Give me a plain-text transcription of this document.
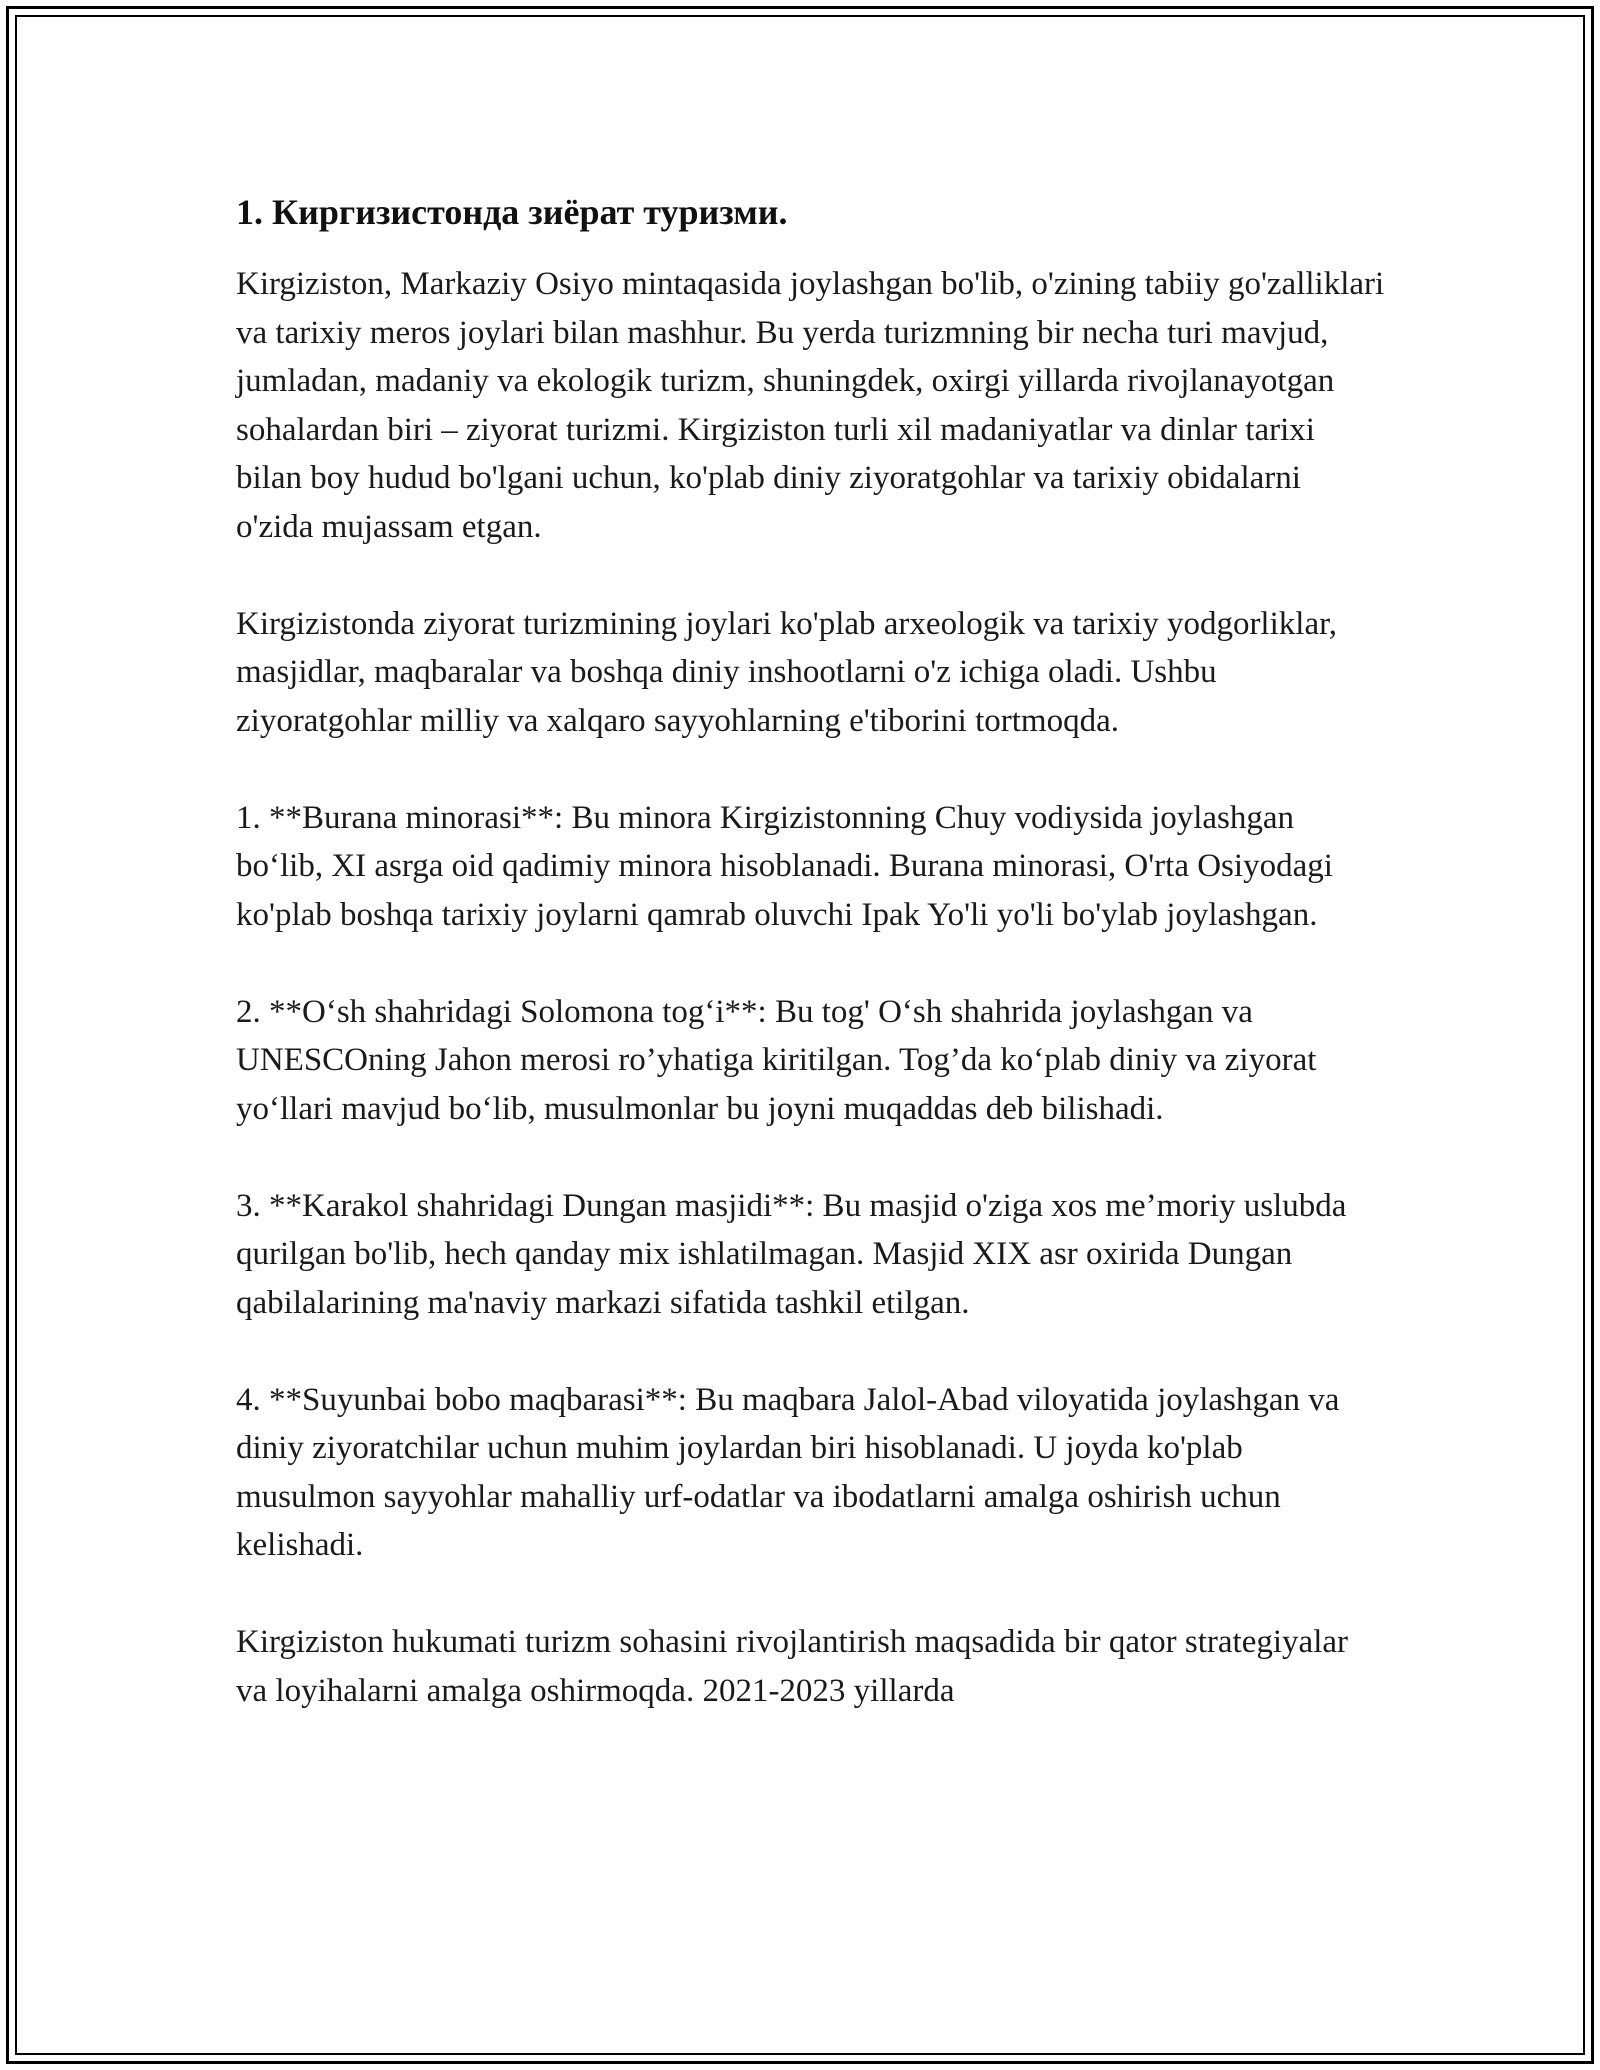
1. Киргизистонда зиёрат туризми.

Kirgiziston, Markaziy Osiyo mintaqasida joylashgan bo'lib, o'zining tabiiy go'zalliklari va tarixiy meros joylari bilan mashhur. Bu yerda turizmning bir necha turi mavjud, jumladan, madaniy va ekologik turizm, shuningdek, oxirgi yillarda rivojlanayotgan sohalardan biri – ziyorat turizmi. Kirgiziston turli xil madaniyatlar va dinlar tarixi bilan boy hudud bo'lgani uchun, ko'plab diniy ziyoratgohlar va tarixiy obidalarni o'zida mujassam etgan.

Kirgizistonda ziyorat turizmining joylari ko'plab arxeologik va tarixiy yodgorliklar, masjidlar, maqbaralar va boshqa diniy inshootlarni o'z ichiga oladi. Ushbu ziyoratgohlar milliy va xalqaro sayyohlarning e'tiborini tortmoqda.

1. **Burana minorasi**: Bu minora Kirgizistonning Chuy vodiysida joylashgan bo‘lib, XI asrga oid qadimiy minora hisoblanadi. Burana minorasi, O'rta Osiyodagi ko'plab boshqa tarixiy joylarni qamrab oluvchi Ipak Yo'li yo'li bo'ylab joylashgan.

2. **O‘sh shahridagi Solomona tog‘i**: Bu tog' O‘sh shahrida joylashgan va UNESCOning Jahon merosi ro’yhatiga kiritilgan. Tog’da ko‘plab diniy va ziyorat yo‘llari mavjud bo‘lib, musulmonlar bu joyni muqaddas deb bilishadi.

3. **Karakol shahridagi Dungan masjidi**: Bu masjid o'ziga xos me’moriy uslubda qurilgan bo'lib, hech qanday mix ishlatilmagan. Masjid XIX asr oxirida Dungan qabilalarining ma'naviy markazi sifatida tashkil etilgan.

4. **Suyunbai bobo maqbarasi**: Bu maqbara Jalol-Abad viloyatida joylashgan va diniy ziyoratchilar uchun muhim joylardan biri hisoblanadi. U joyda ko'plab musulmon sayyohlar mahalliy urf-odatlar va ibodatlarni amalga oshirish uchun kelishadi.

Kirgiziston hukumati turizm sohasini rivojlantirish maqsadida bir qator strategiyalar va loyihalarni amalga oshirmoqda. 2021-2023 yillarda
